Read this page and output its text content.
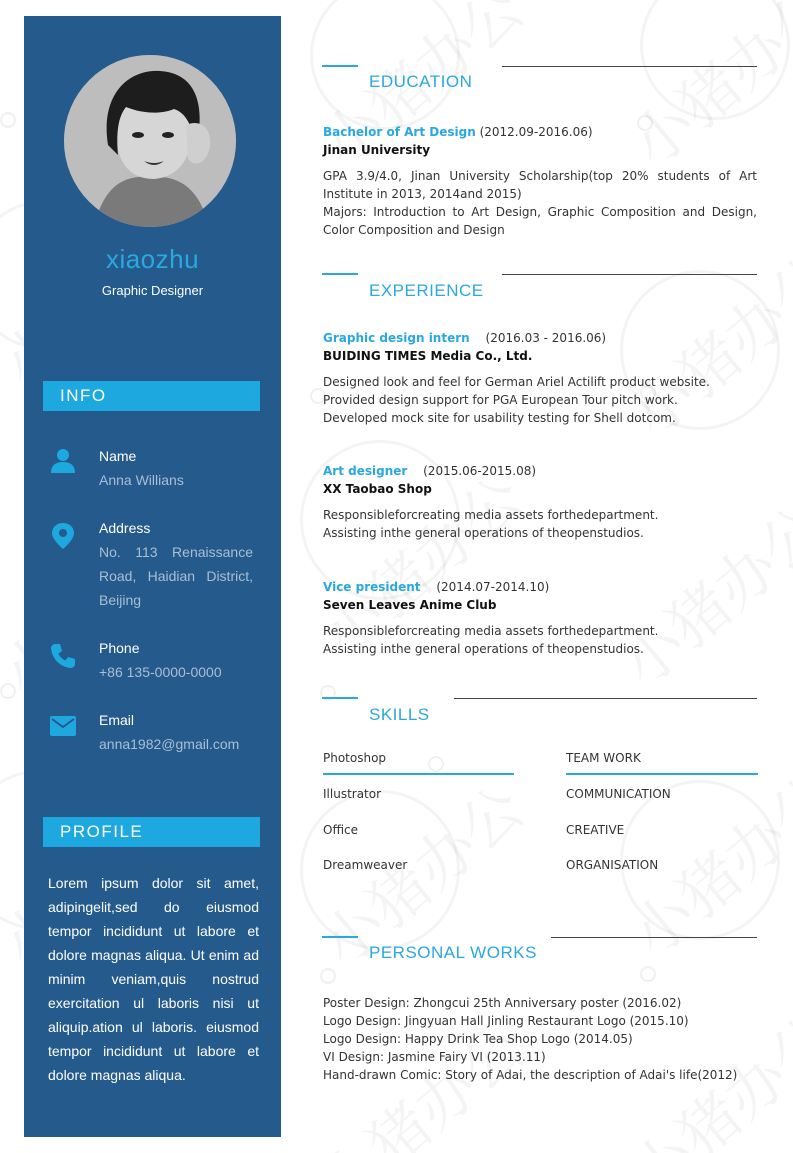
xiaozhu
Graphic Designer
INFO
Name
Anna Willians
Address
No. 113 Renaissance Road, Haidian District, Beijing
Phone
+86 135-0000-0000
Email
anna1982@gmail.com
PROFILE
Lorem ipsum dolor sit amet, adipingelit,sed do eiusmod tempor incididunt ut labore et dolore magnas aliqua. Ut enim ad minim veniam,quis nostrud exercitation ul laboris nisi ut aliquip.ation ul laboris. eiusmod tempor incididunt ut labore et dolore magnas aliqua.
EDUCATION
Bachelor of Art Design (2012.09-2016.06)
Jinan University
GPA 3.9/4.0, Jinan University Scholarship(top 20% students of Art Institute in 2013, 2014and 2015)
Majors: Introduction to Art Design, Graphic Composition and Design, Color Composition and Design
EXPERIENCE
Graphic design intern (2016.03 - 2016.06)
BUIDING TIMES Media Co., Ltd.
Designed look and feel for German Ariel Actilift product website.
Provided design support for PGA European Tour pitch work.
Developed mock site for usability testing for Shell dotcom.
Art designer (2015.06-2015.08)
XX Taobao Shop
Responsibleforcreating media assets forthedepartment.
Assisting inthe general operations of theopenstudios.
Vice president (2014.07-2014.10)
Seven Leaves Anime Club
Responsibleforcreating media assets forthedepartment.
Assisting inthe general operations of theopenstudios.
SKILLS
Photoshop	TEAM WORK
Illustrator	COMMUNICATION
Office	CREATIVE
Dreamweaver	ORGANISATION
PERSONAL WORKS
Poster Design: Zhongcui 25th Anniversary poster (2016.02)
Logo Design: Jingyuan Hall Jinling Restaurant Logo (2015.10)
Logo Design: Happy Drink Tea Shop Logo (2014.05)
VI Design: Jasmine Fairy VI (2013.11)
Hand-drawn Comic: Story of Adai, the description of Adai's life(2012)
